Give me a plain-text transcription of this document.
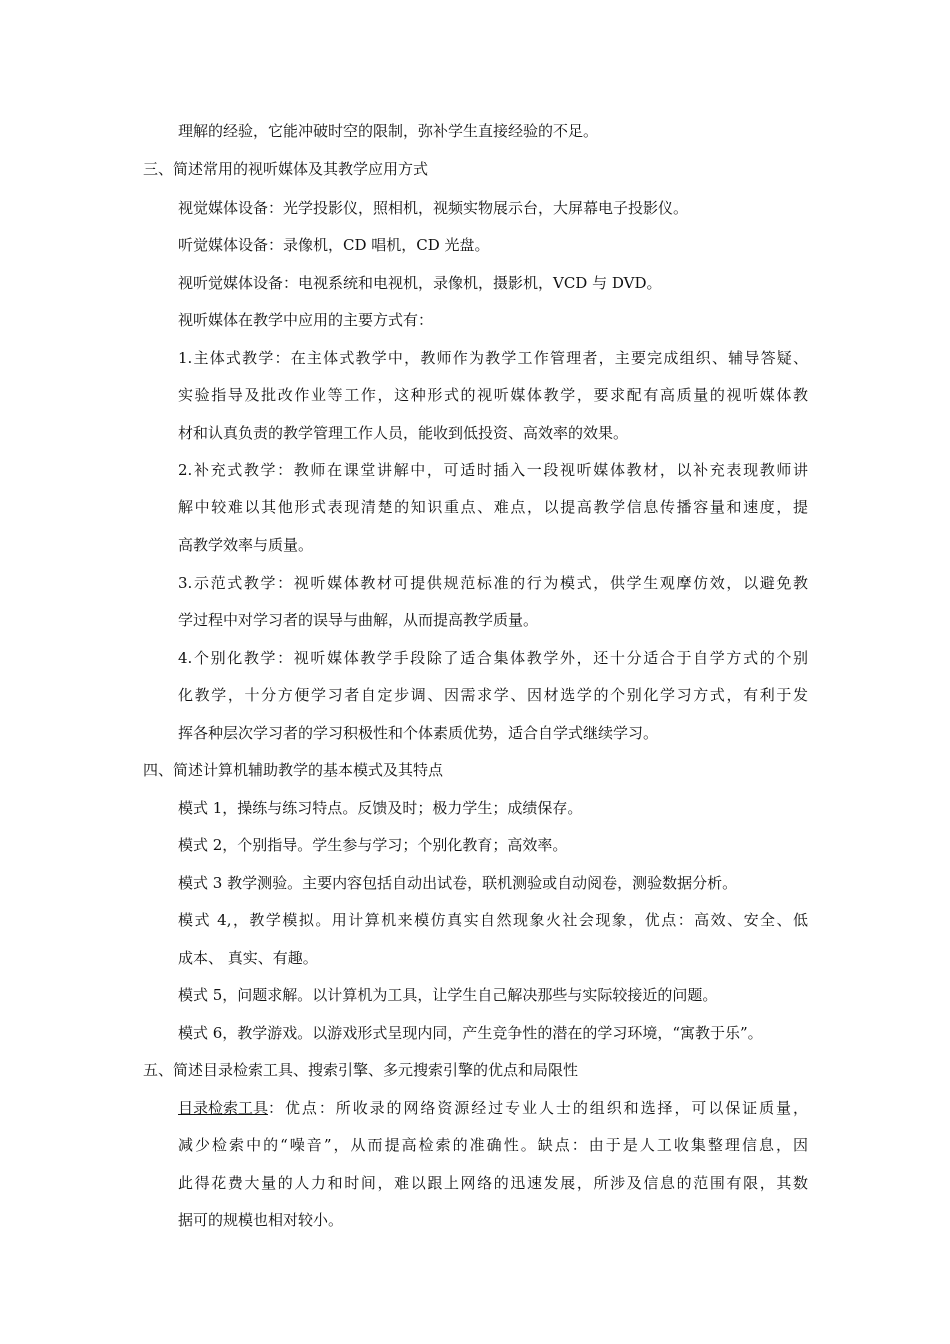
理解的经验，它能冲破时空的限制，弥补学生直接经验的不足。
三、简述常用的视听媒体及其教学应用方式
视觉媒体设备：光学投影仪，照相机，视频实物展示台，大屏幕电子投影仪。
听觉媒体设备：录像机，CD 唱机，CD 光盘。
视听觉媒体设备：电视系统和电视机，录像机，摄影机，VCD 与 DVD。
视听媒体在教学中应用的主要方式有：
1.主体式教学：在主体式教学中，教师作为教学工作管理者，主要完成组织、辅导答疑、
实验指导及批改作业等工作，这种形式的视听媒体教学，要求配有高质量的视听媒体教
材和认真负责的教学管理工作人员，能收到低投资、高效率的效果。
2.补充式教学：教师在课堂讲解中，可适时插入一段视听媒体教材，以补充表现教师讲
解中较难以其他形式表现清楚的知识重点、难点，以提高教学信息传播容量和速度，提
高教学效率与质量。
3.示范式教学：视听媒体教材可提供规范标准的行为模式，供学生观摩仿效，以避免教
学过程中对学习者的误导与曲解，从而提高教学质量。
4.个别化教学：视听媒体教学手段除了适合集体教学外，还十分适合于自学方式的个别
化教学，十分方便学习者自定步调、因需求学、因材选学的个别化学习方式，有利于发
挥各种层次学习者的学习积极性和个体素质优势，适合自学式继续学习。
四、简述计算机辅助教学的基本模式及其特点
模式 1，操练与练习特点。反馈及时；极力学生；成绩保存。
模式 2，个别指导。学生参与学习；个别化教育；高效率。
模式 3 教学测验。主要内容包括自动出试卷，联机测验或自动阅卷，测验数据分析。
模式 4,，教学模拟。用计算机来模仿真实自然现象火社会现象，优点：高效、安全、低
成本、 真实、有趣。
模式 5，问题求解。以计算机为工具，让学生自己解决那些与实际较接近的问题。
模式 6，教学游戏。以游戏形式呈现内同，产生竞争性的潜在的学习环境，“寓教于乐”。
五、简述目录检索工具、搜索引擎、多元搜索引擎的优点和局限性
目录检索工具 ：优点：所收录的网络资源经过专业人士的组织和选择，可以保证质量，
减少检索中的“噪音”，从而提高检索的准确性。缺点：由于是人工收集整理信息，因
此得花费大量的人力和时间，难以跟上网络的迅速发展，所涉及信息的范围有限，其数
据可的规模也相对较小。
